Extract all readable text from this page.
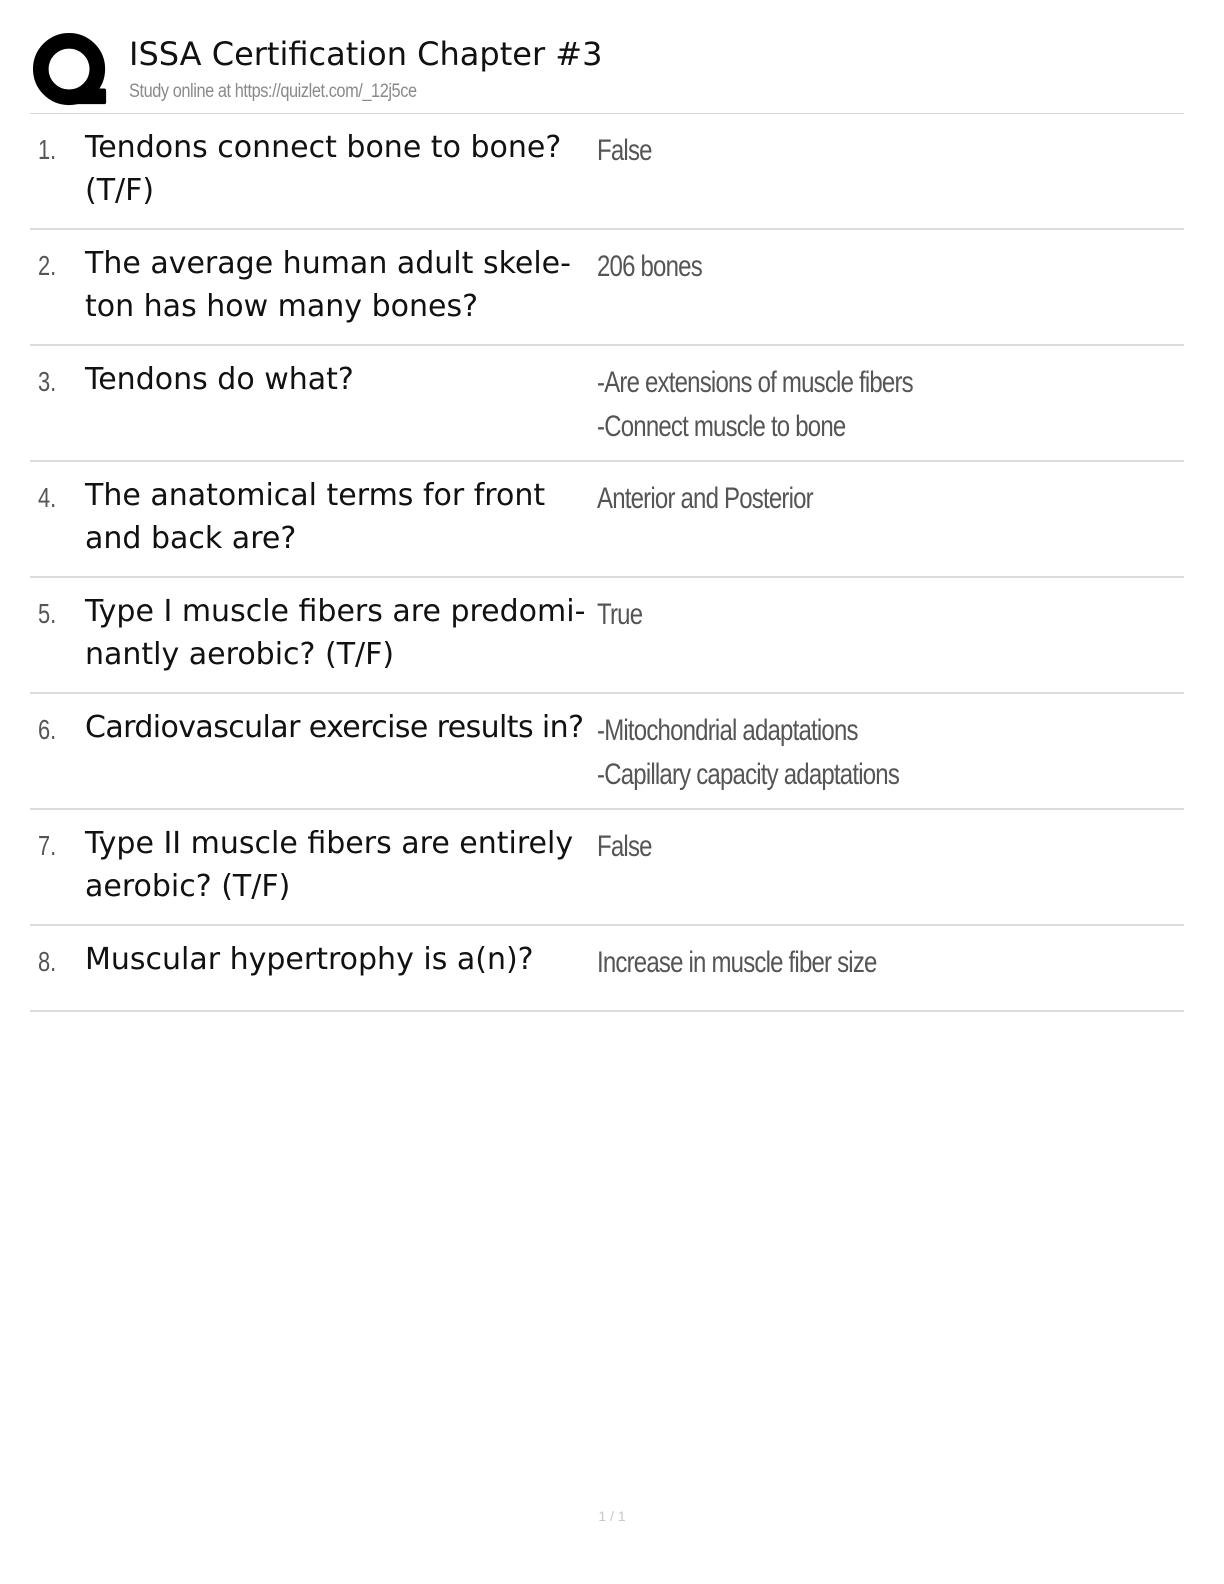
ISSA Certification Chapter #3
Study online at https://quizlet.com/_12j5ce
1. Tendons connect bone to bone? (T/F)
False
2. The average human adult skele-
ton has how many bones?
206 bones
3. Tendons do what?	-Are extensions of muscle fibers
-Connect muscle to bone
4. The anatomical terms for front and back are?
Anterior and Posterior
5. Type I muscle fibers are predomi-
nantly aerobic? (T/F)
True
6. Cardiovascular exercise results in? -Mitochondrial adaptations
-Capillary capacity adaptations
7. Type II muscle fibers are entirely aerobic? (T/F)
False
8. Muscular hypertrophy is a(n)?	Increase in muscle fiber size
1 / 1
